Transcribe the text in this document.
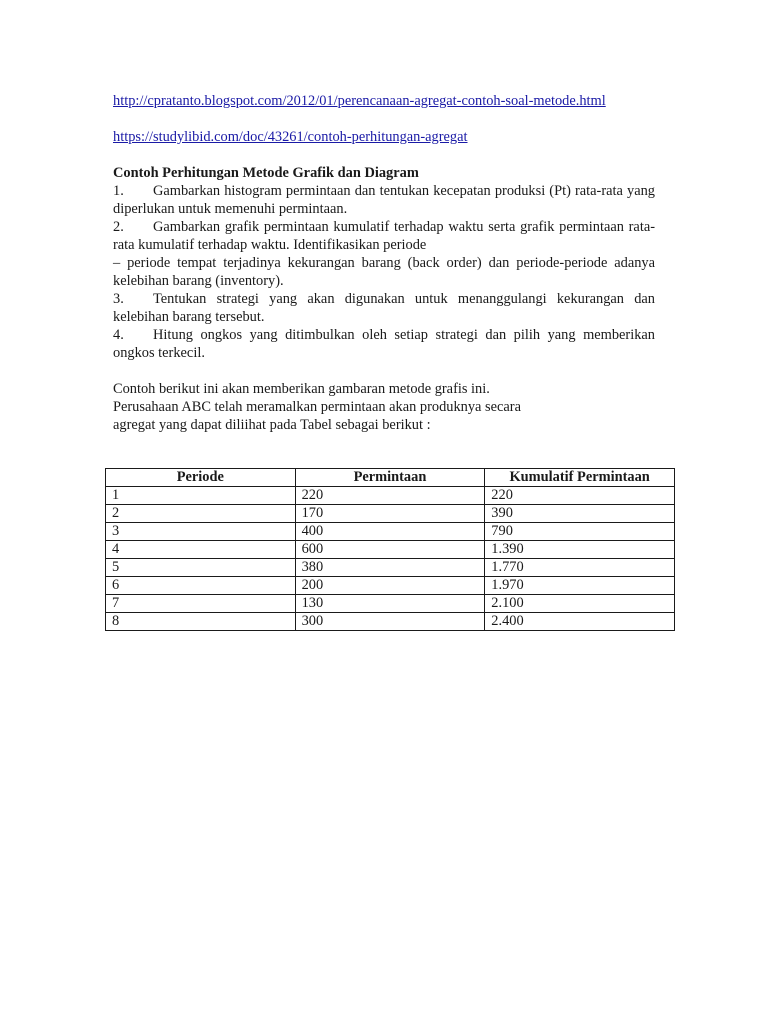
http://cpratanto.blogspot.com/2012/01/perencanaan-agregat-contoh-soal-metode.html
https://studylibid.com/doc/43261/contoh-perhitungan-agregat
Contoh Perhitungan Metode Grafik dan Diagram

1. Gambarkan histogram permintaan dan tentukan kecepatan produksi (Pt) rata-rata yang diperlukan untuk memenuhi permintaan.

2. Gambarkan grafik permintaan kumulatif terhadap waktu serta grafik permintaan rata-rata kumulatif terhadap waktu. Identifikasikan periode

– periode tempat terjadinya kekurangan barang (back order) dan periode-periode adanya kelebihan barang (inventory).

3. Tentukan strategi yang akan digunakan untuk menanggulangi kekurangan dan kelebihan barang tersebut.

4. Hitung ongkos yang ditimbulkan oleh setiap strategi dan pilih yang memberikan ongkos terkecil.

Contoh berikut ini akan memberikan gambaran metode grafis ini.

Perusahaan ABC telah meramalkan permintaan akan produknya secara

agregat yang dapat diliihat pada Tabel sebagai berikut :

Periode	Permintaan	Kumulatif Permintaan
1	220	220
2	170	390
3	400	790
4	600	1.390
5	380	1.770
6	200	1.970
7	130	2.100
8	300	2.400
